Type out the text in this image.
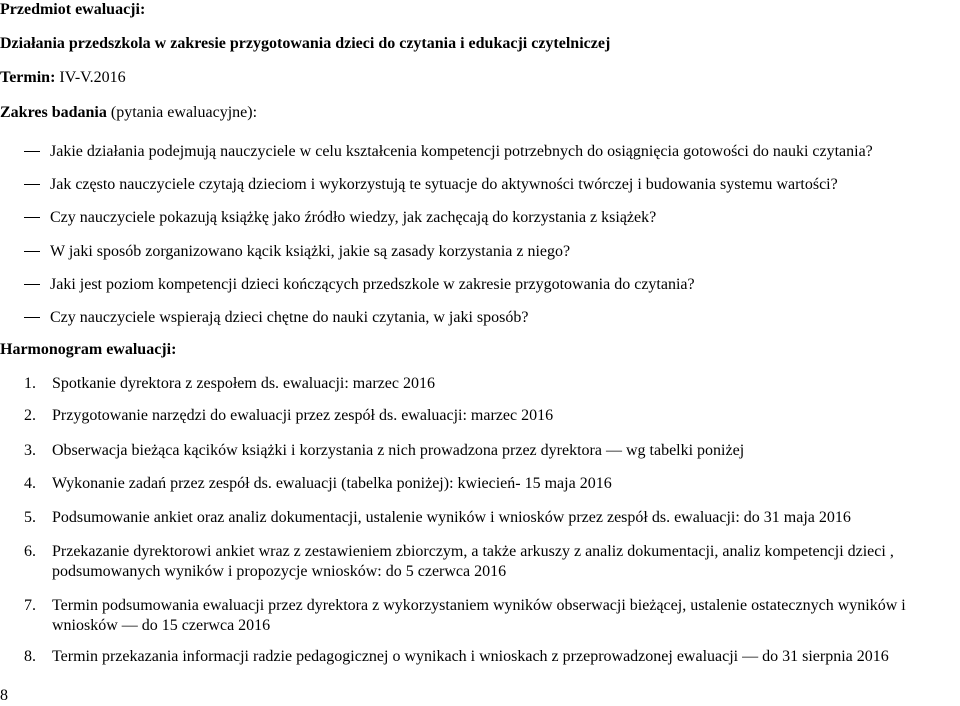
Przedmiot ewaluacji:
Działania przedszkola w zakresie przygotowania dzieci do czytania i edukacji czytelniczej
Termin: IV-V.2016
Zakres badania (pytania ewaluacyjne):
Jakie działania podejmują nauczyciele w celu kształcenia kompetencji potrzebnych do osiągnięcia gotowości do nauki czytania?
Jak często nauczyciele czytają dzieciom i wykorzystują te sytuacje do aktywności twórczej i budowania systemu wartości?
Czy nauczyciele pokazują książkę jako źródło wiedzy, jak zachęcają do korzystania z książek?
W jaki sposób zorganizowano kącik książki, jakie są zasady korzystania z niego?
Jaki jest poziom kompetencji dzieci kończących przedszkole w zakresie przygotowania do czytania?
Czy nauczyciele wspierają dzieci chętne do nauki czytania, w jaki sposób?
Harmonogram ewaluacji:
1.	Spotkanie dyrektora z zespołem ds. ewaluacji: marzec 2016
2.	Przygotowanie narzędzi do ewaluacji przez zespół ds. ewaluacji: marzec 2016
3.	Obserwacja bieżąca kącików książki i korzystania z nich prowadzona przez dyrektora — wg tabelki poniżej
4.	Wykonanie zadań przez zespół ds. ewaluacji (tabelka poniżej): kwiecień- 15 maja 2016
5.	Podsumowanie ankiet oraz analiz dokumentacji, ustalenie wyników i wniosków przez zespół ds. ewaluacji: do 31 maja 2016
6.	Przekazanie dyrektorowi ankiet wraz z zestawieniem zbiorczym, a także arkuszy z analiz dokumentacji, analiz kompetencji dzieci , podsumowanych wyników i propozycje wniosków: do 5 czerwca 2016
7.	Termin podsumowania ewaluacji przez dyrektora z wykorzystaniem wyników obserwacji bieżącej, ustalenie ostatecznych wyników i wniosków — do 15 czerwca 2016
8.	Termin przekazania informacji radzie pedagogicznej o wynikach i wnioskach z przeprowadzonej ewaluacji — do 31 sierpnia 2016
8
